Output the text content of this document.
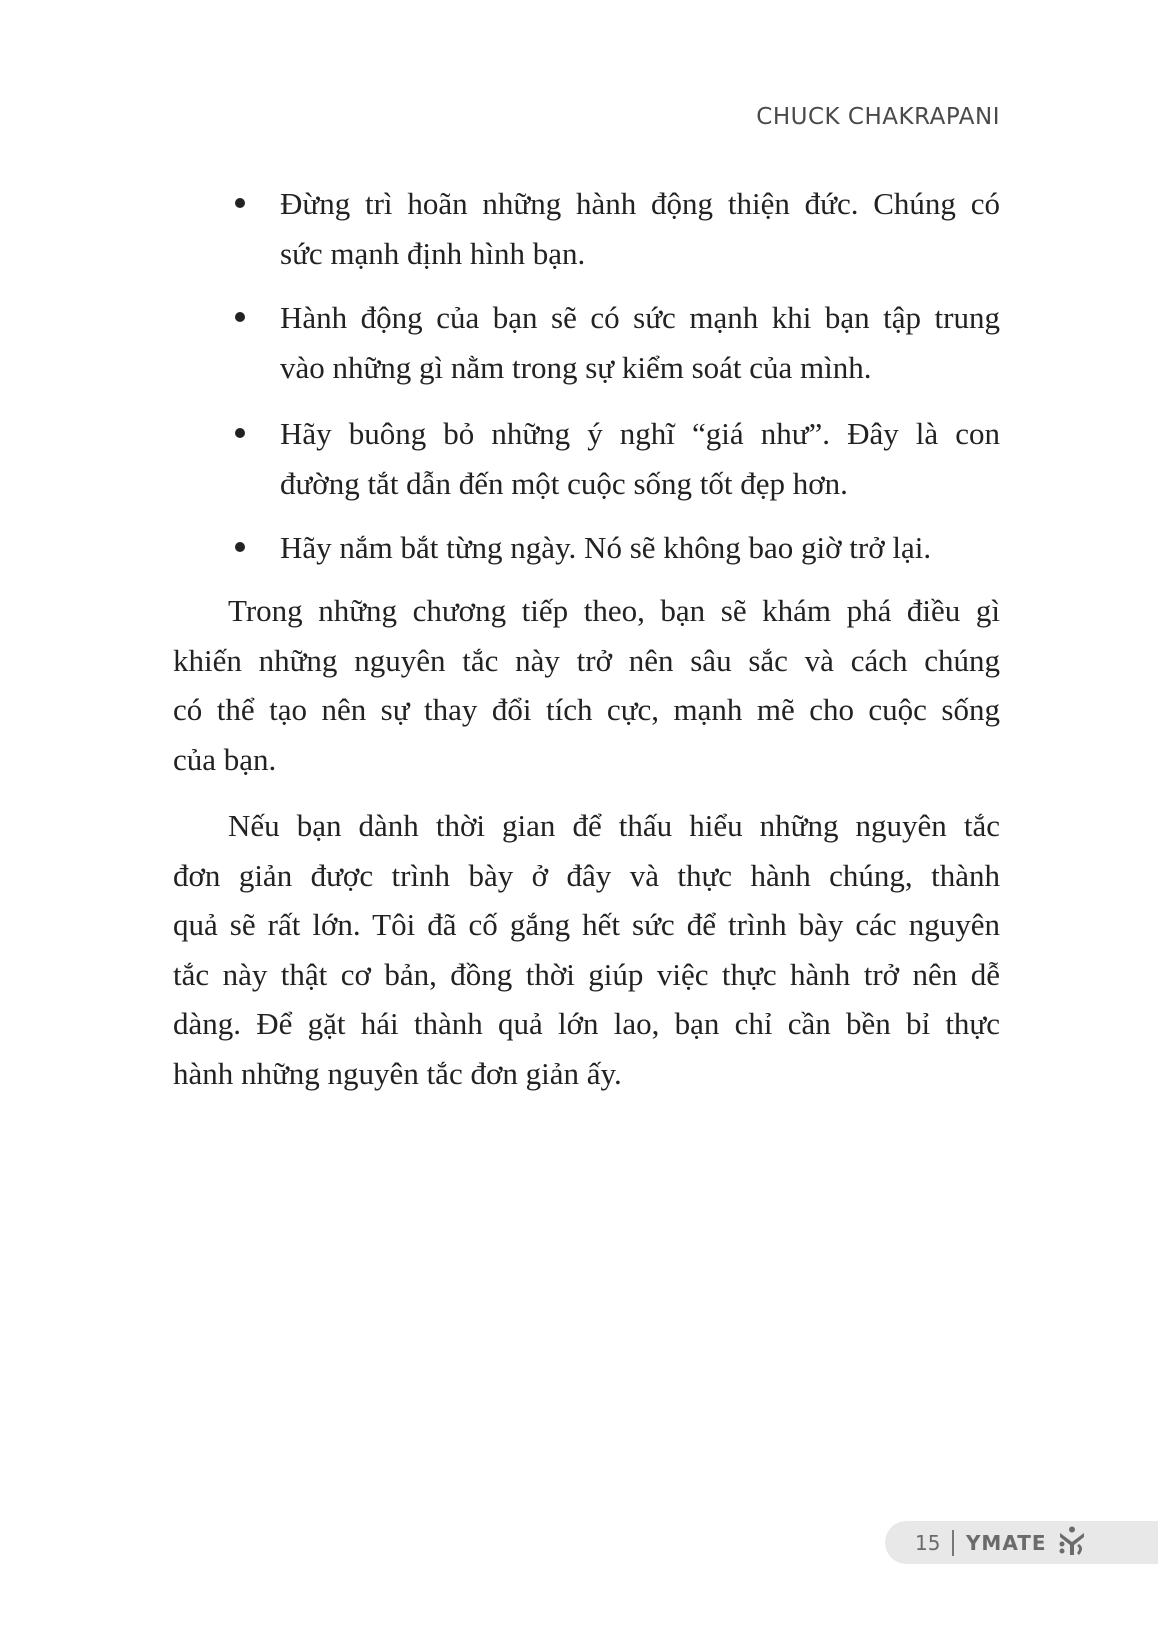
CHUCK CHAKRAPANI
Đừng trì hoãn những hành động thiện đức. Chúng có
sức mạnh định hình bạn.
Hành động của bạn sẽ có sức mạnh khi bạn tập trung
vào những gì nằm trong sự kiểm soát của mình.
Hãy buông bỏ những ý nghĩ “giá như”. Đây là con
đường tắt dẫn đến một cuộc sống tốt đẹp hơn.
Hãy nắm bắt từng ngày. Nó sẽ không bao giờ trở lại.
Trong những chương tiếp theo, bạn sẽ khám phá điều gì
khiến những nguyên tắc này trở nên sâu sắc và cách chúng
có thể tạo nên sự thay đổi tích cực, mạnh mẽ cho cuộc sống
của bạn.
Nếu bạn dành thời gian để thấu hiểu những nguyên tắc
đơn giản được trình bày ở đây và thực hành chúng, thành
quả sẽ rất lớn. Tôi đã cố gắng hết sức để trình bày các nguyên
tắc này thật cơ bản, đồng thời giúp việc thực hành trở nên dễ
dàng. Để gặt hái thành quả lớn lao, bạn chỉ cần bền bỉ thực
hành những nguyên tắc đơn giản ấy.
15 YMATE
